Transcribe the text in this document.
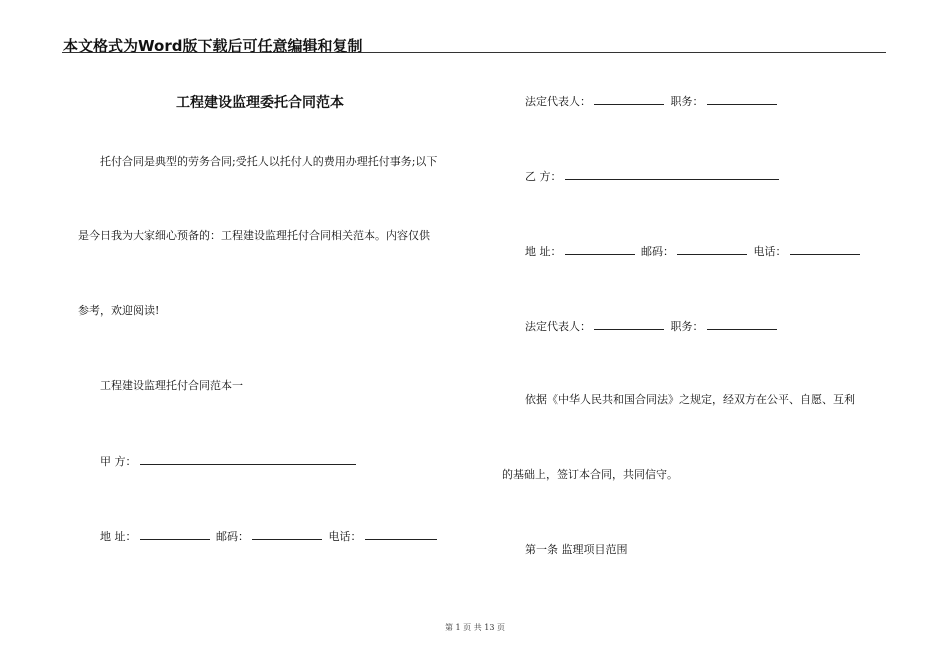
本文格式为Word版下载后可任意编辑和复制
工程建设监理委托合同范本
托付合同是典型的劳务合同;受托人以托付人的费用办理托付事务;以下
是今日我为大家细心预备的：工程建设监理托付合同相关范本。内容仅供
参考，欢迎阅读!
工程建设监理托付合同范本一
甲 方：
地 址：	邮码：	电话：
法定代表人：	职务：
乙 方：
地 址：	邮码：	电话：
法定代表人：	职务：
依据《中华人民共和国合同法》之规定，经双方在公平、自愿、互利
的基础上，签订本合同，共同信守。
第一条 监理项目范围
第 1 页 共 13 页
